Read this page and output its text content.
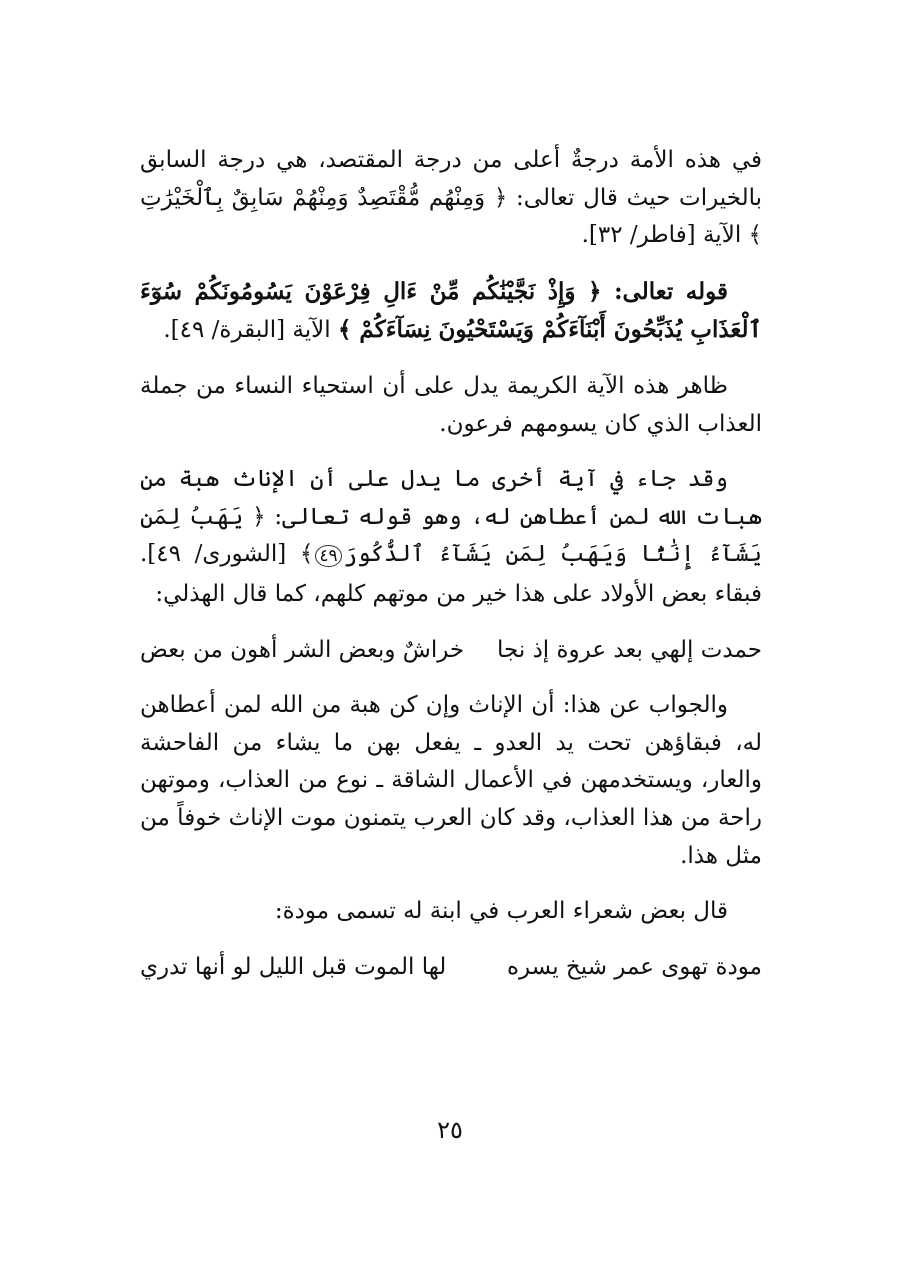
في هذه الأمة درجةٌ أعلى من درجة المقتصد، هي درجة السابق بالخيرات حيث قال تعالى: ﴿ وَمِنْهُم مُّقْتَصِدٌ وَمِنْهُمْ سَابِقٌ بِٱلْخَيْرَٰتِ ﴾ الآية [فاطر/ ٣٢].

قوله تعالى: ﴿ وَإِذْ نَجَّيْنَٰكُم مِّنْ ءَالِ فِرْعَوْنَ يَسُومُونَكُمْ سُوٓءَ ٱلْعَذَابِ يُذَبِّحُونَ أَبْنَآءَكُمْ وَيَسْتَحْيُونَ نِسَآءَكُمْ ﴾ الآية [البقرة/ ٤٩].

ظاهر هذه الآية الكريمة يدل على أن استحياء النساء من جملة العذاب الذي كان يسومهم فرعون.

وقد جاء في آية أخرى ما يدل على أن الإناث هبة من هبات الله لمن أعطاهن له، وهو قوله تعالى: ﴿ يَهَبُ لِمَن يَشَآءُ إِنَٰثًا وَيَهَبُ لِمَن يَشَآءُ ٱلذُّكُورَ٤٩﴾ [الشورى/ ٤٩]. فبقاء بعض الأولاد على هذا خير من موتهم كلهم، كما قال الهذلي:

حمدت إلهي بعد عروة إذ نجا
خراشٌ وبعض الشر أهون من بعض

والجواب عن هذا: أن الإناث وإن كن هبة من الله لمن أعطاهن له، فبقاؤهن تحت يد العدو ـ يفعل بهن ما يشاء من الفاحشة والعار، ويستخدمهن في الأعمال الشاقة ـ نوع من العذاب، وموتهن راحة من هذا العذاب، وقد كان العرب يتمنون موت الإناث خوفاً من مثل هذا.

قال بعض شعراء العرب في ابنة له تسمى مودة:

مودة تهوى عمر شيخ يسره
لها الموت قبل الليل لو أنها تدري
٢٥
